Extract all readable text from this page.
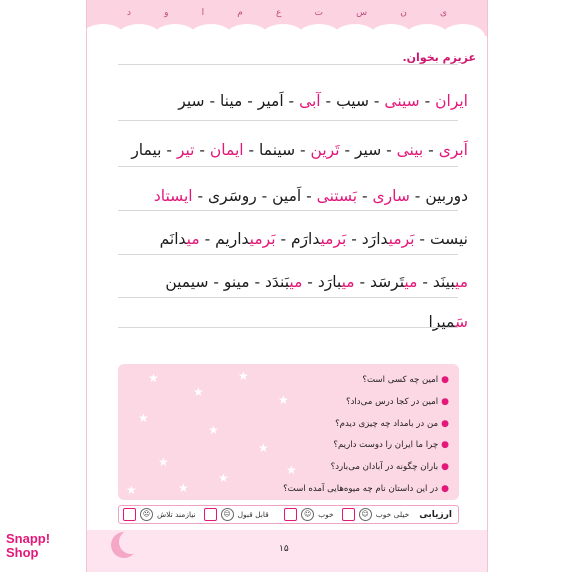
ی
ن
س
ت
ع
م
ا
و
د
عزیزم بخوان.
ایران - سینی - سیب - آبی - اَمیر - مینا - سیر
اَبری - بینی - سیر - تَرین - سینما - ایمان - تیر - بیمار
دوربین - ساری - بَستنی - اَمین - روسَری - ایستاد
نیست - بَرمیدارَد - بَرمیدارَم - بَرمیداریم - میدانَم
میبینَد - میتَرسَد - میبارَد - میبَندَد - مینو - سیمین
سَمیرا
★
★
★
★
★
★
★
★
★
★
★
★
●امین چه کسی است؟
●امین در کجا درس می‌داد؟
●من در بامداد چه چیزی دیدم؟
●چرا ما ایران را دوست داریم؟
●باران چگونه در آبادان می‌بارد؟
●در این داستان نام چه میوه‌هایی آمده است؟
ارزیابی
خیلی خوب
☺
خوب
☺
قابل قبول
☹
نیازمند تلاش
☹
۱۵
Snapp!
Shop
